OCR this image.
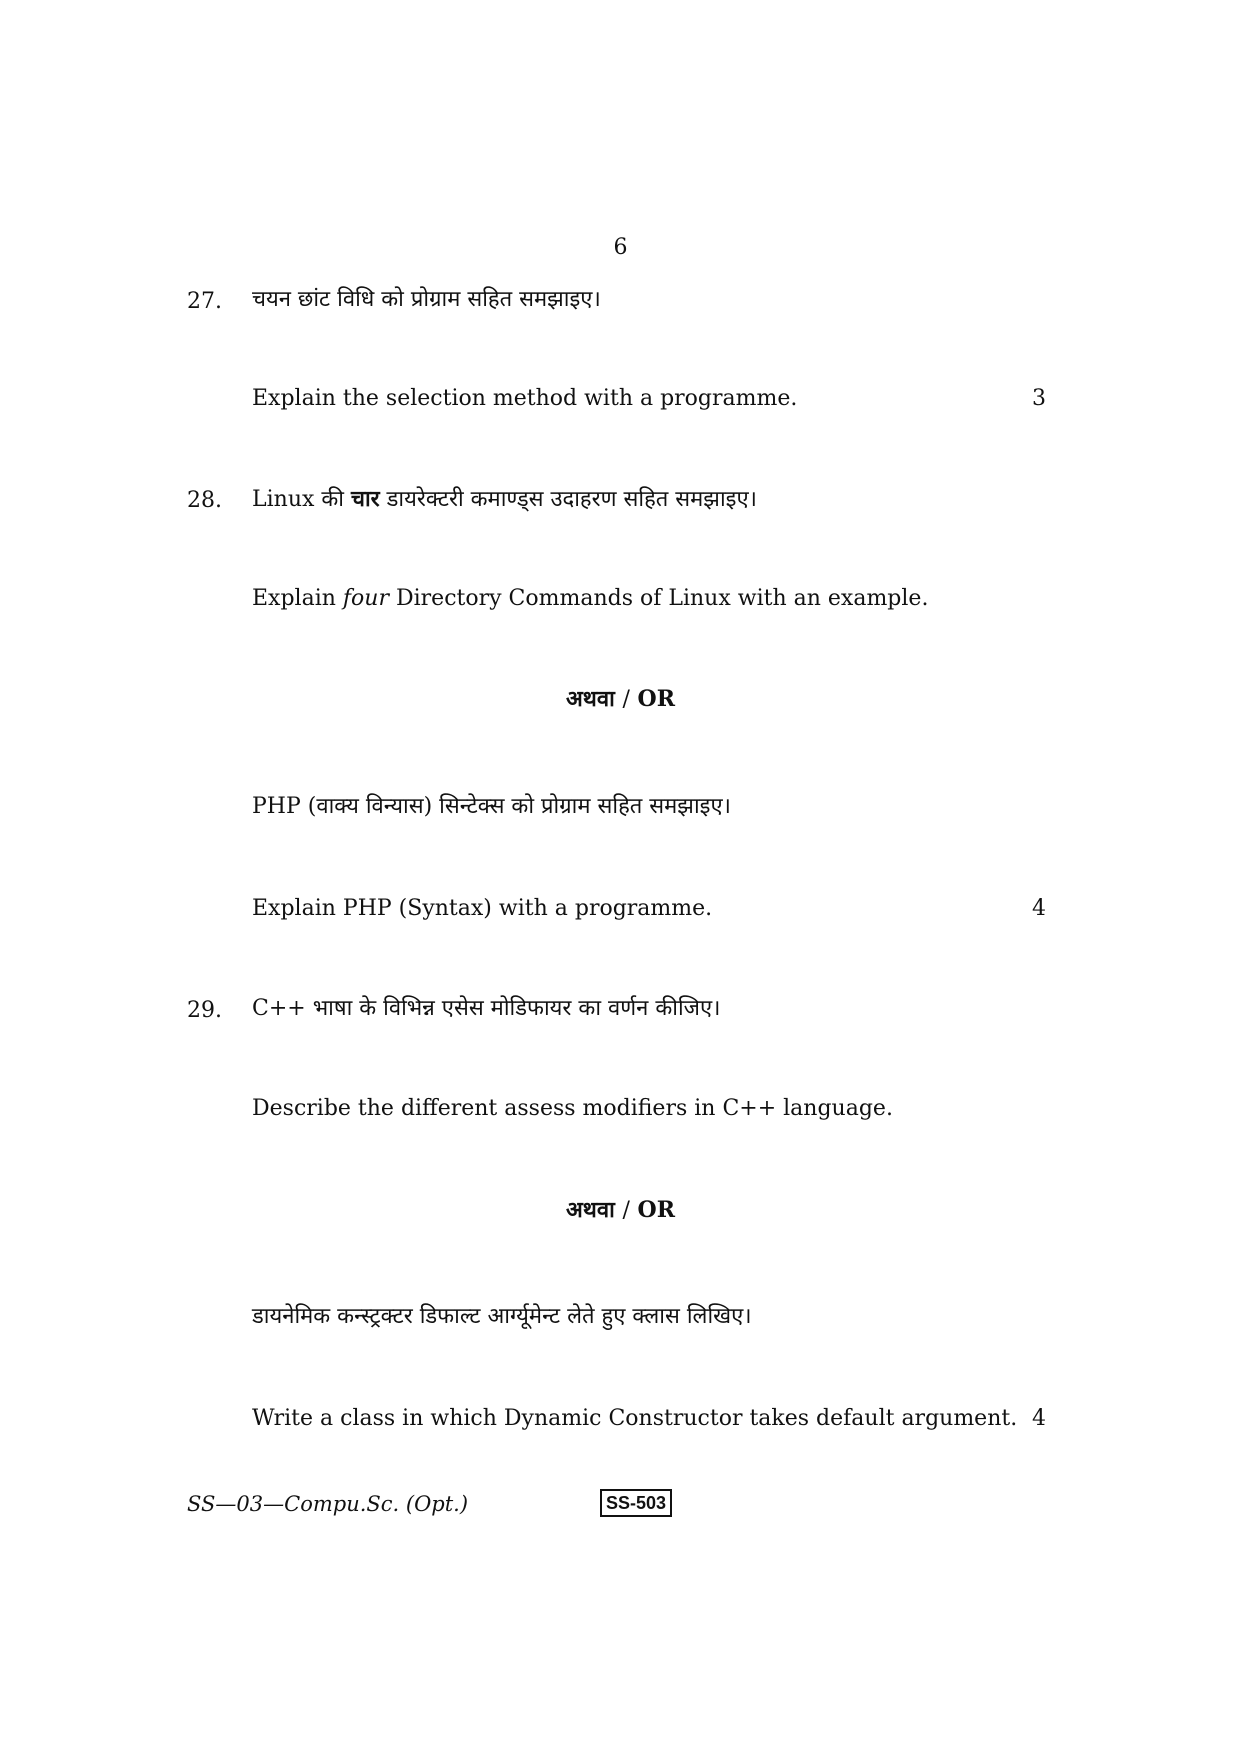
6
27. चयन छांट विधि को प्रोग्राम सहित समझाइए।
Explain the selection method with a programme.	3
28. Linux की चार डायरेक्टरी कमाण्ड्स उदाहरण सहित समझाइए।
Explain four Directory Commands of Linux with an example.
अथवा / OR
PHP (वाक्य विन्यास) सिन्टेक्स को प्रोग्राम सहित समझाइए।
Explain PHP (Syntax) with a programme.	4
29. C++ भाषा के विभिन्न एसेस मोडिफायर का वर्णन कीजिए।
Describe the different assess modifiers in C++ language.
अथवा / OR
डायनेमिक कन्स्ट्रक्टर डिफाल्ट आर्ग्यूमेन्ट लेते हुए क्लास लिखिए।
Write a class in which Dynamic Constructor takes default argument. 4
SS—03—Compu.Sc. (Opt.)	SS-503
